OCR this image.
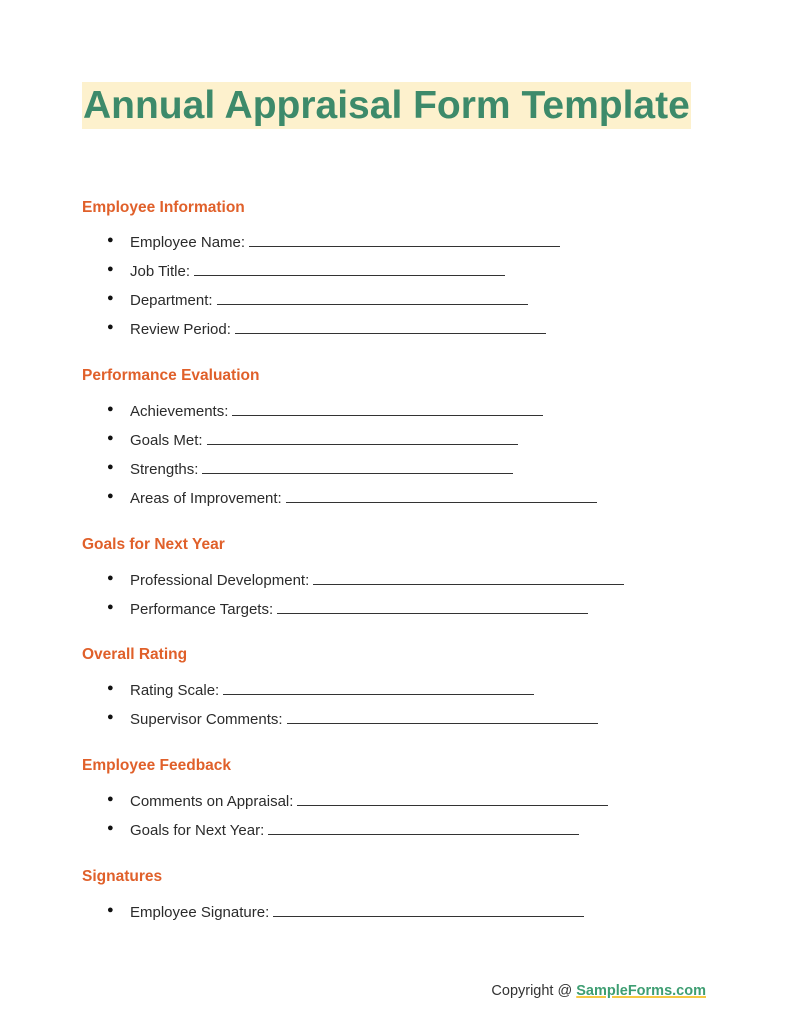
Annual Appraisal Form Template
Employee Information
● Employee Name:
● Job Title:
● Department:
● Review Period:
Performance Evaluation
● Achievements:
● Goals Met:
● Strengths:
● Areas of Improvement:
Goals for Next Year
● Professional Development:
● Performance Targets:
Overall Rating
● Rating Scale:
● Supervisor Comments:
Employee Feedback
● Comments on Appraisal:
● Goals for Next Year:
Signatures
● Employee Signature:
Copyright @ SampleForms.com
